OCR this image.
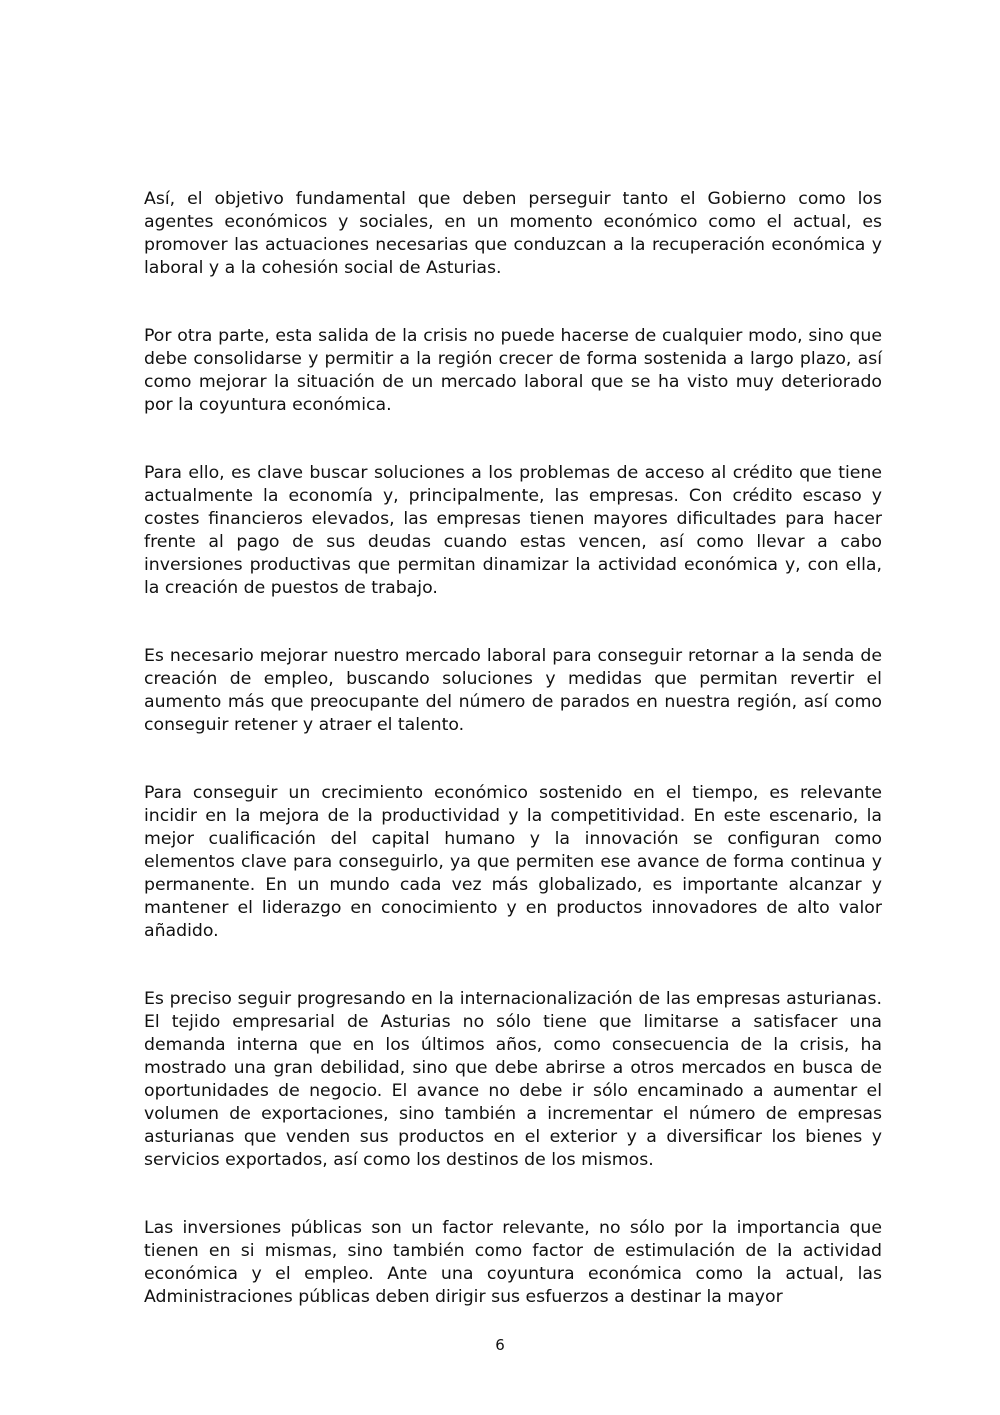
Así, el objetivo fundamental que deben perseguir tanto el Gobierno como los agentes económicos y sociales, en un momento económico como el actual, es promover las actuaciones necesarias que conduzcan a la recuperación económica y laboral y a la cohesión social de Asturias.

Por otra parte, esta salida de la crisis no puede hacerse de cualquier modo, sino que debe consolidarse y permitir a la región crecer de forma sostenida a largo plazo, así como mejorar la situación de un mercado laboral que se ha visto muy deteriorado por la coyuntura económica.

Para ello, es clave buscar soluciones a los problemas de acceso al crédito que tiene actualmente la economía y, principalmente, las empresas. Con crédito escaso y costes financieros elevados, las empresas tienen mayores dificultades para hacer frente al pago de sus deudas cuando estas vencen, así como llevar a cabo inversiones productivas que permitan dinamizar la actividad económica y, con ella, la creación de puestos de trabajo.

Es necesario mejorar nuestro mercado laboral para conseguir retornar a la senda de creación de empleo, buscando soluciones y medidas que permitan revertir el aumento más que preocupante del número de parados en nuestra región, así como conseguir retener y atraer el talento.

Para conseguir un crecimiento económico sostenido en el tiempo, es relevante incidir en la mejora de la productividad y la competitividad. En este escenario, la mejor cualificación del capital humano y la innovación se configuran como elementos clave para conseguirlo, ya que permiten ese avance de forma continua y permanente. En un mundo cada vez más globalizado, es importante alcanzar y mantener el liderazgo en conocimiento y en productos innovadores de alto valor añadido.

Es preciso seguir progresando en la internacionalización de las empresas asturianas. El tejido empresarial de Asturias no sólo tiene que limitarse a satisfacer una demanda interna que en los últimos años, como consecuencia de la crisis, ha mostrado una gran debilidad, sino que debe abrirse a otros mercados en busca de oportunidades de negocio. El avance no debe ir sólo encaminado a aumentar el volumen de exportaciones, sino también a incrementar el número de empresas asturianas que venden sus productos en el exterior y a diversificar los bienes y servicios exportados, así como los destinos de los mismos.

Las inversiones públicas son un factor relevante, no sólo por la importancia que tienen en si mismas, sino también como factor de estimulación de la actividad económica y el empleo. Ante una coyuntura económica como la actual, las Administraciones públicas deben dirigir sus esfuerzos a destinar la mayor

6
